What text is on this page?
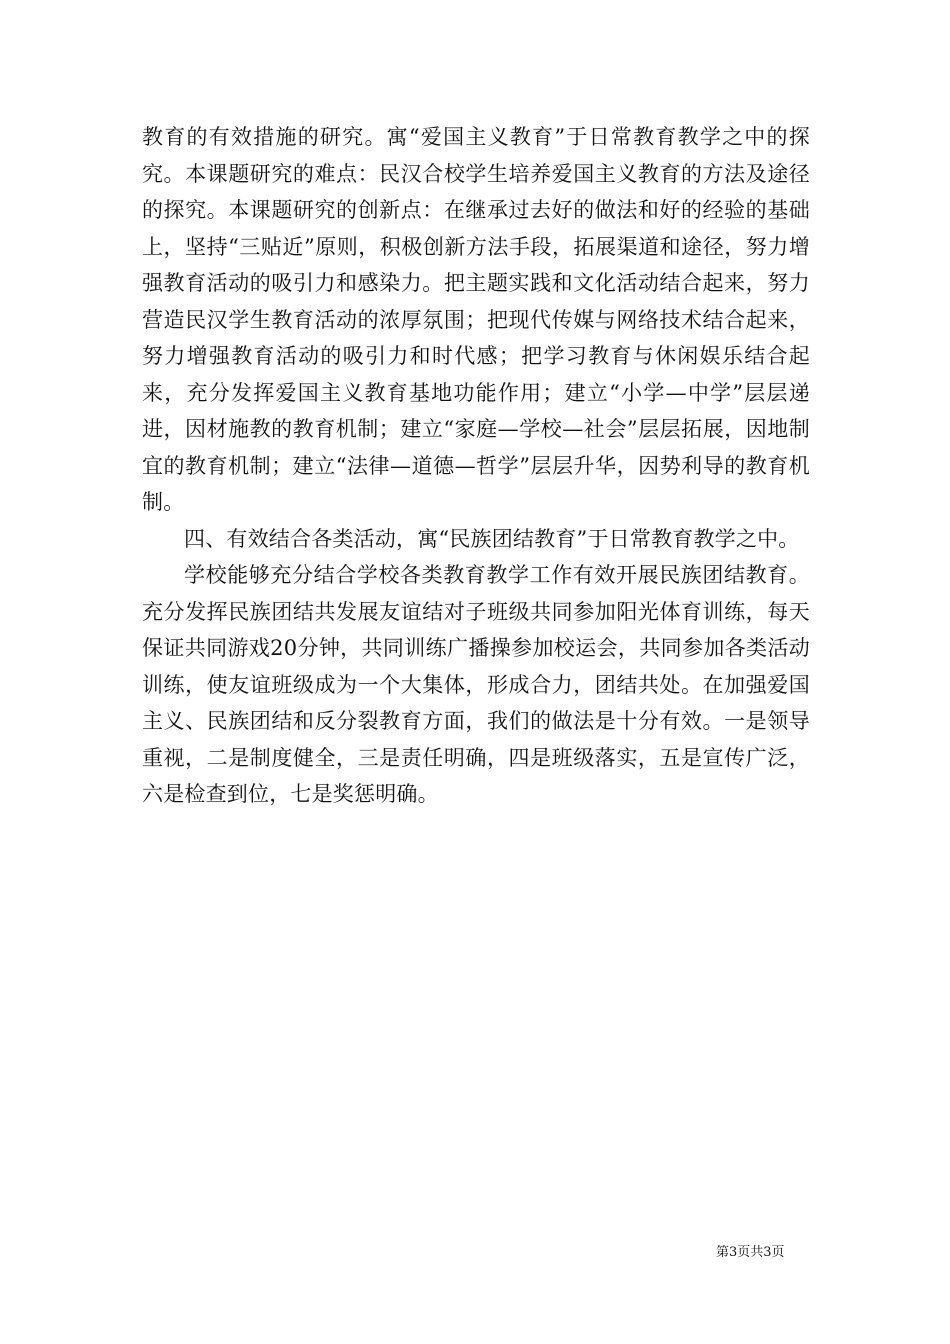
教育的有效措施的研究。寓“爱国主义教育”于日常教育教学之中的探究。本课题研究的难点：民汉合校学生培养爱国主义教育的方法及途径的探究。本课题研究的创新点：在继承过去好的做法和好的经验的基础上，坚持“三贴近”原则，积极创新方法手段，拓展渠道和途径，努力增强教育活动的吸引力和感染力。把主题实践和文化活动结合起来，努力营造民汉学生教育活动的浓厚氛围；把现代传媒与网络技术结合起来，努力增强教育活动的吸引力和时代感；把学习教育与休闲娱乐结合起来，充分发挥爱国主义教育基地功能作用；建立“小学—中学”层层递进，因材施教的教育机制；建立“家庭—学校—社会”层层拓展，因地制宜的教育机制；建立“法律—道德—哲学”层层升华，因势利导的教育机制。

四、有效结合各类活动，寓“民族团结教育”于日常教育教学之中。

学校能够充分结合学校各类教育教学工作有效开展民族团结教育。充分发挥民族团结共发展友谊结对子班级共同参加阳光体育训练，每天保证共同游戏20分钟，共同训练广播操参加校运会，共同参加各类活动训练，使友谊班级成为一个大集体，形成合力，团结共处。在加强爱国主义、民族团结和反分裂教育方面，我们的做法是十分有效。一是领导重视，二是制度健全，三是责任明确，四是班级落实，五是宣传广泛，六是检查到位，七是奖惩明确。

第3页共3页
